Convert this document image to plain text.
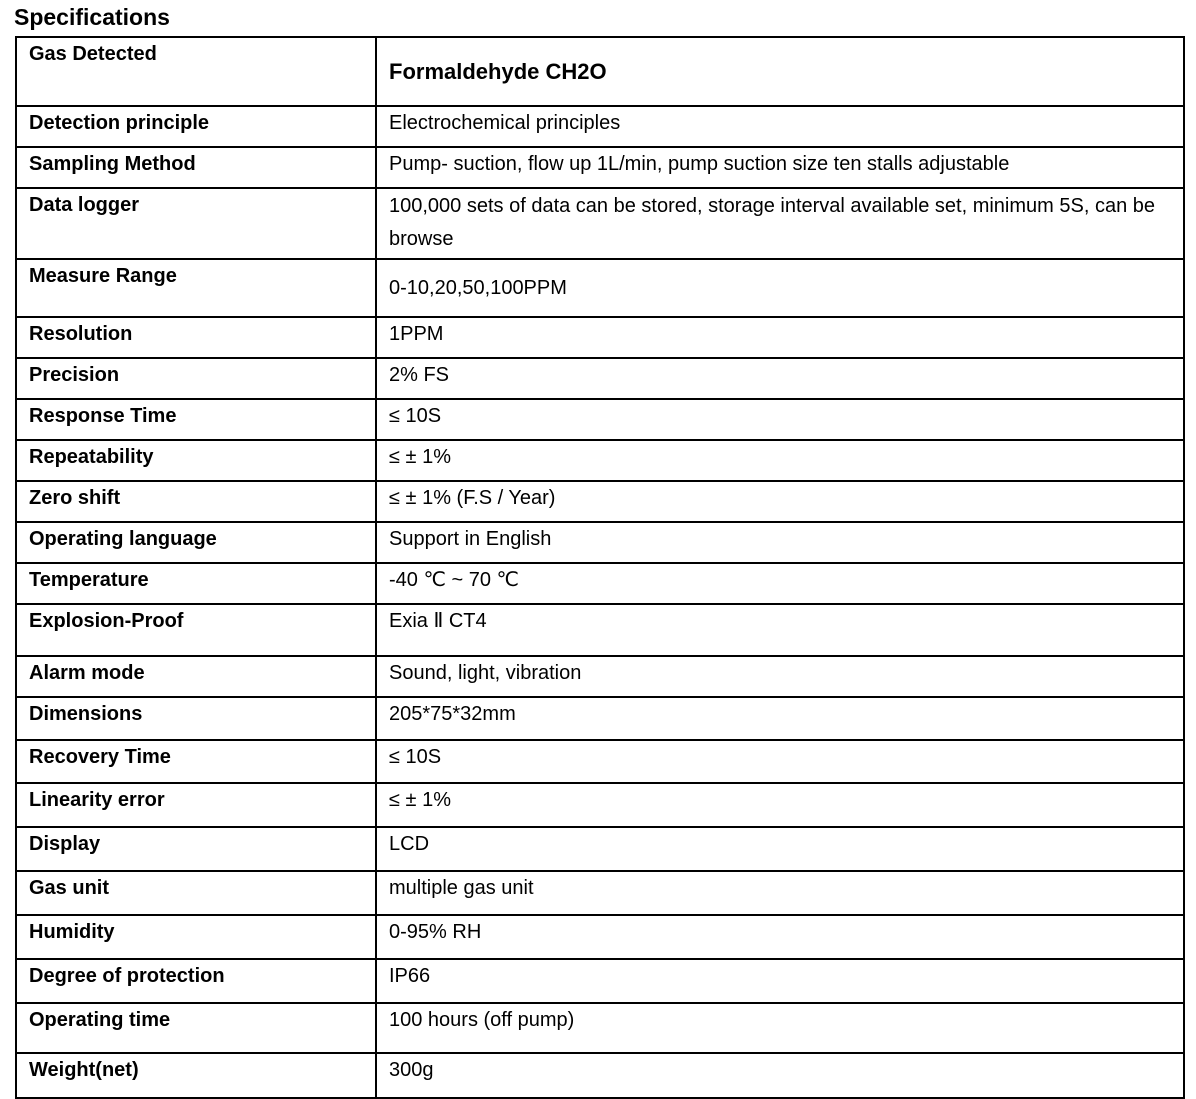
Specifications
Gas Detected	Formaldehyde CH2O
Detection principle	Electrochemical principles
Sampling Method	Pump- suction, flow up 1L/min, pump suction size ten stalls adjustable
Data logger	100,000 sets of data can be stored, storage interval available set, minimum 5S, can be browse

Measure Range	0-10,20,50,100PPM
Resolution	1PPM
Precision	2% FS
Response Time	≤ 10S
Repeatability	≤ ± 1%
Zero shift	≤ ± 1% (F.S / Year)
Operating language	Support in English
Temperature	-40 ℃ ~ 70 ℃
Explosion-Proof	Exia Ⅱ CT4
Alarm mode	Sound, light, vibration
Dimensions	205*75*32mm
Recovery Time	≤ 10S
Linearity error	≤ ± 1%
Display	LCD
Gas unit	multiple gas unit
Humidity	0-95% RH
Degree of protection	IP66
Operating time	100 hours (off pump)
Weight(net)	300g
